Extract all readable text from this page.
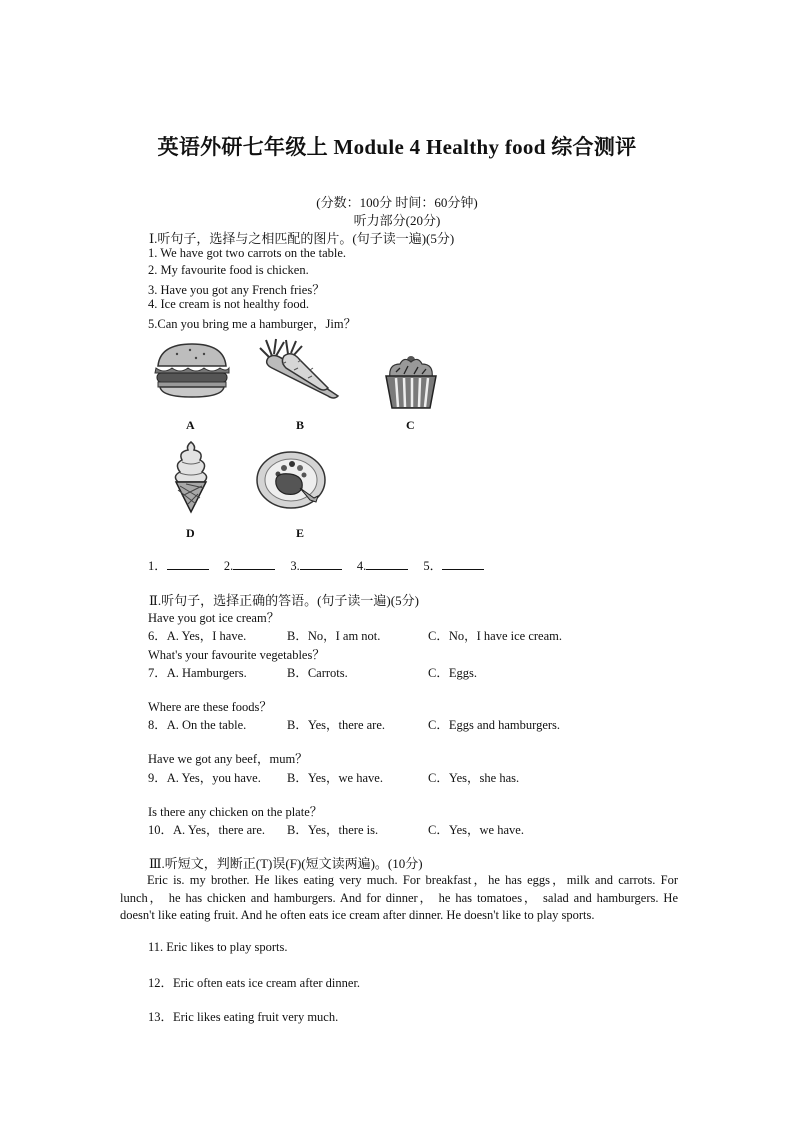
英语外研七年级上 Module 4 Healthy food 综合测评
(分数：100分 时间：60分钟)
听力部分(20分)
Ⅰ.听句子，选择与之相匹配的图片。(句子读一遍)(5分)
1. We have got two carrots on the table.
2. My favourite food is chicken.
3. Have you got any French fries？
4. Ice cream is not healthy food.
5.Can you bring me a hamburger，Jim？
A	B	C
D	E
1．	2.	3.	4.	5．
Ⅱ.听句子，选择正确的答语。(句子读一遍)(5分)
Have you got ice cream？
6．A. Yes，I have.	B．No，I am not.	C．No，I have ice cream.
What's your favourite vegetables？
7．A. Hamburgers.	B．Carrots.	C．Eggs.
Where are these foods？
8．A. On the table.	B．Yes，there are.	C．Eggs and hamburgers.
Have we got any beef，mum？
9．A. Yes，you have. B．Yes，we have.	C．Yes，she has.
Is there any chicken on the plate？
10．A. Yes，there are. B．Yes，there is.	C．Yes，we have.
Ⅲ.听短文，判断正(T)误(F)(短文读两遍)。(10分)
Eric is. my brother. He likes eating very much. For breakfast，he has eggs，milk and carrots. For lunch， he has chicken and hamburgers. And for dinner， he has tomatoes， salad and hamburgers. He doesn't like eating fruit. And he often eats ice cream after dinner. He doesn't like to play sports.
11. Eric likes to play sports.
12．Eric often eats ice cream after dinner.
13．Eric likes eating fruit very much.
